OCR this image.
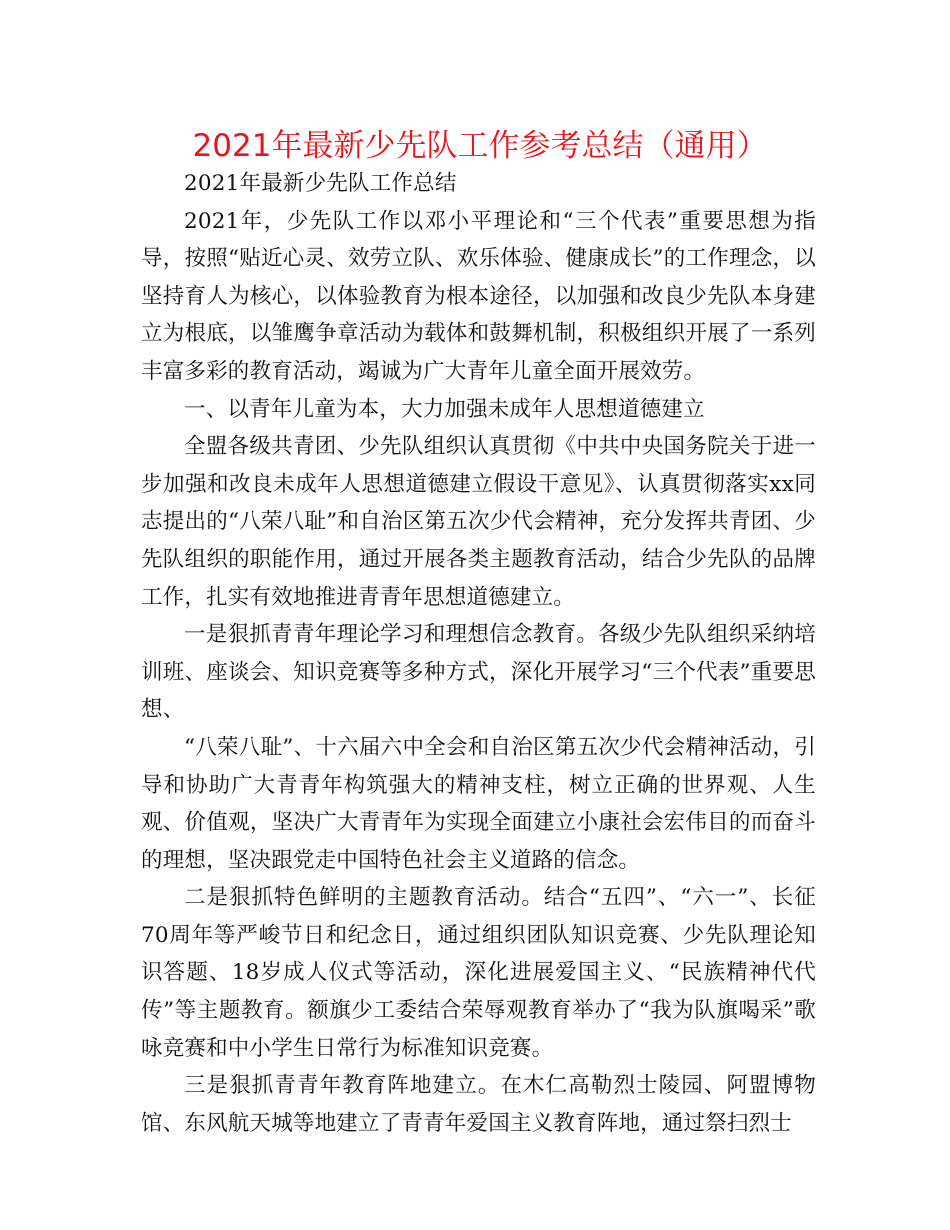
2021年最新少先队工作参考总结（通用）

2021年最新少先队工作总结

2021年，少先队工作以邓小平理论和“三个代表”重要思想为指导，按照“贴近心灵、效劳立队、欢乐体验、健康成长”的工作理念，以坚持育人为核心，以体验教育为根本途径，以加强和改良少先队本身建立为根底，以雏鹰争章活动为载体和鼓舞机制，积极组织开展了一系列丰富多彩的教育活动，竭诚为广大青年儿童全面开展效劳。

一、以青年儿童为本，大力加强未成年人思想道德建立

全盟各级共青团、少先队组织认真贯彻《中共中央国务院关于进一步加强和改良未成年人思想道德建立假设干意见》、认真贯彻落实xx同志提出的“八荣八耻”和自治区第五次少代会精神，充分发挥共青团、少先队组织的职能作用，通过开展各类主题教育活动，结合少先队的品牌工作，扎实有效地推进青青年思想道德建立。

一是狠抓青青年理论学习和理想信念教育。各级少先队组织采纳培训班、座谈会、知识竞赛等多种方式，深化开展学习“三个代表”重要思想、

“八荣八耻”、十六届六中全会和自治区第五次少代会精神活动，引导和协助广大青青年构筑强大的精神支柱，树立正确的世界观、人生观、价值观，坚决广大青青年为实现全面建立小康社会宏伟目的而奋斗的理想，坚决跟党走中国特色社会主义道路的信念。

二是狠抓特色鲜明的主题教育活动。结合“五四”、“六一”、长征70周年等严峻节日和纪念日，通过组织团队知识竞赛、少先队理论知识答题、18岁成人仪式等活动，深化进展爱国主义、“民族精神代代传”等主题教育。额旗少工委结合荣辱观教育举办了“我为队旗喝采”歌咏竞赛和中小学生日常行为标准知识竞赛。

三是狠抓青青年教育阵地建立。在木仁高勒烈士陵园、阿盟博物馆、东风航天城等地建立了青青年爱国主义教育阵地，通过祭扫烈士
